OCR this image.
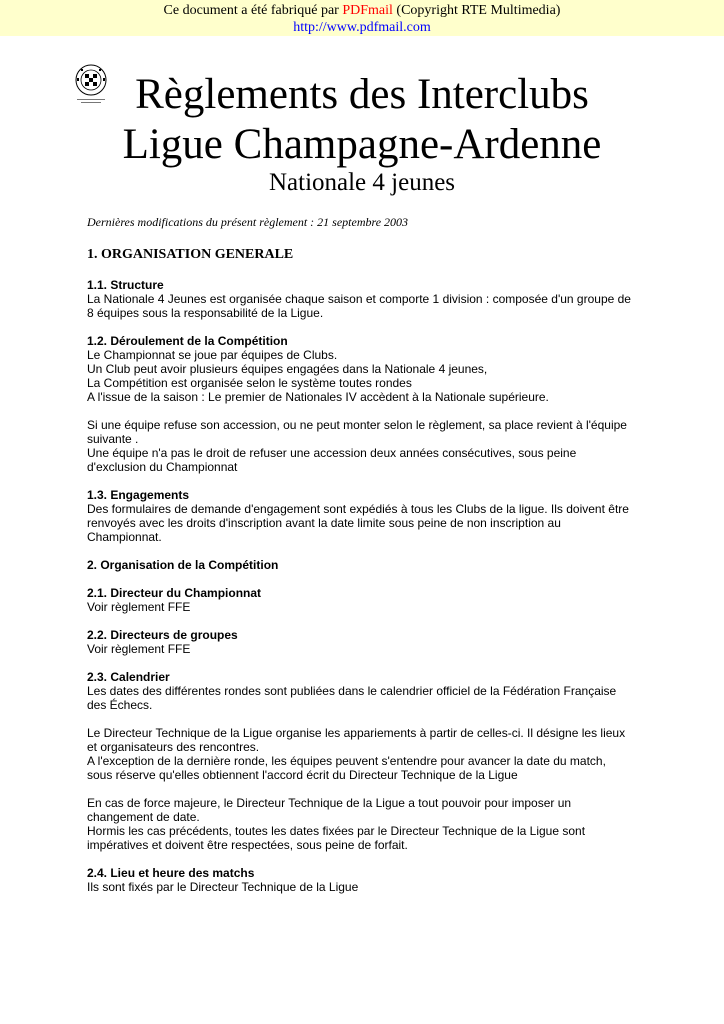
Ce document a été fabriqué par PDFmail (Copyright RTE Multimedia)
http://www.pdfmail.com
Règlements des Interclubs
Ligue Champagne-Ardenne
Nationale 4 jeunes
Dernières modifications du présent règlement : 21 septembre 2003
1. ORGANISATION GENERALE
1.1. Structure
La Nationale 4 Jeunes est organisée chaque saison et comporte 1 division : composée d'un groupe de
8 équipes sous la responsabilité de la Ligue.
1.2. Déroulement de la Compétition
Le Championnat se joue par équipes de Clubs.
Un Club peut avoir plusieurs équipes engagées dans la Nationale 4 jeunes,
La Compétition est organisée selon le système toutes rondes
A l'issue de la saison : Le premier de Nationales IV accèdent à la Nationale supérieure.
Si une équipe refuse son accession, ou ne peut monter selon le règlement, sa place revient à l'équipe
suivante .
Une équipe n'a pas le droit de refuser une accession deux années consécutives, sous peine
d'exclusion du Championnat
1.3. Engagements
Des formulaires de demande d'engagement sont expédiés à tous les Clubs de la ligue. Ils doivent être
renvoyés avec les droits d'inscription avant la date limite sous peine de non inscription au
Championnat.
2. Organisation de la Compétition
2.1. Directeur du Championnat
Voir règlement FFE
2.2. Directeurs de groupes
Voir règlement FFE
2.3. Calendrier
Les dates des différentes rondes sont publiées dans le calendrier officiel de la Fédération Française
des Échecs.
Le Directeur Technique de la Ligue organise les appariements à partir de celles-ci. Il désigne les lieux
et organisateurs des rencontres.
A l'exception de la dernière ronde, les équipes peuvent s'entendre pour avancer la date du match,
sous réserve qu'elles obtiennent l'accord écrit du Directeur Technique de la Ligue
En cas de force majeure, le Directeur Technique de la Ligue a tout pouvoir pour imposer un
changement de date.
Hormis les cas précédents, toutes les dates fixées par le Directeur Technique de la Ligue sont
impératives et doivent être respectées, sous peine de forfait.
2.4. Lieu et heure des matchs
Ils sont fixés par le Directeur Technique de la Ligue
